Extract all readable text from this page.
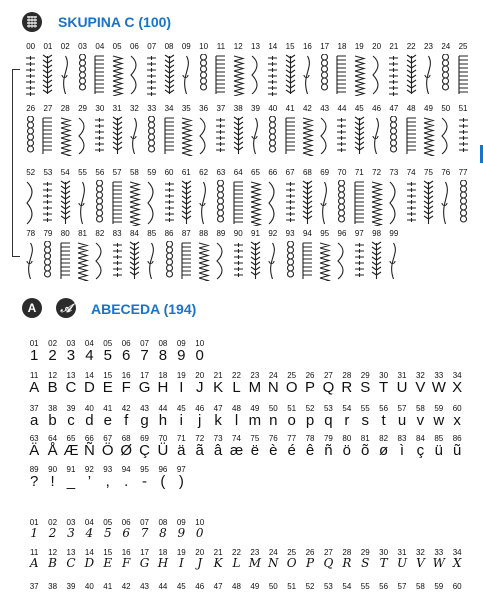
SKUPINA C (100)
00	01	02	03	04	05	06	07	08	09	10	11	12	13	14	15	16	17	18	19	20	21	22	23	24	25
26	27	28	29	30	31	32	33	34	35	36	37	38	39	40	41	42	43	44	45	46	47	48	49	50	51
52	53	54	55	56	57	58	59	60	61	62	63	64	65	66	67	68	69	70	71	72	73	74	75	76	77
78	79	80	81	82	83	84	85	86	87	88	89	90	91	92	93	94	95	96	97	98	99
A 𝒜 ABECEDA (194)
01	02	03	04	05	06	07	08	09	10
1 2 3 4 5 6 7 8 9 0
11	12	13	14	15	16	17	18	19	20	21	22	23	24	25	26	27	28	29	30	31	32	33	34
A B C D E F G H I J K L M N O P Q R S T U V W X
37	38	39	40	41	42	43	44	45	46	47	48	49	50	51	52	53	54	55	56	57	58	59	60
a b c d e f g h i	j k l m n o p q r s t u v w x
63	64	65	66	67	68	69	70	71	72	73	74	75	76	77	78	79	80	81	82	83	84	85	86
Ä Å Æ Ñ Ö Ø Ç Ü ä ã â æ ë è é ê ñ ö õ ø ì ç ü ũ
89	90	91	92	93	94	95	96	97
? ! _ ’ , . - ( )
01	02	03	04	05	06	07	08	09	10
1 2 3 4 5 6 7 8 9 0
11	12	13	14	15	16	17	18	19	20	21	22	23	24	25	26	27	28	29	30	31	32	33	34
A B C D E F G H I	J K L M N O P Q R S T U V W X
37	38	39	40	41	42	43	44	45	46	47	48	49	50	51	52	53	54	55	56	57	58	59	60
